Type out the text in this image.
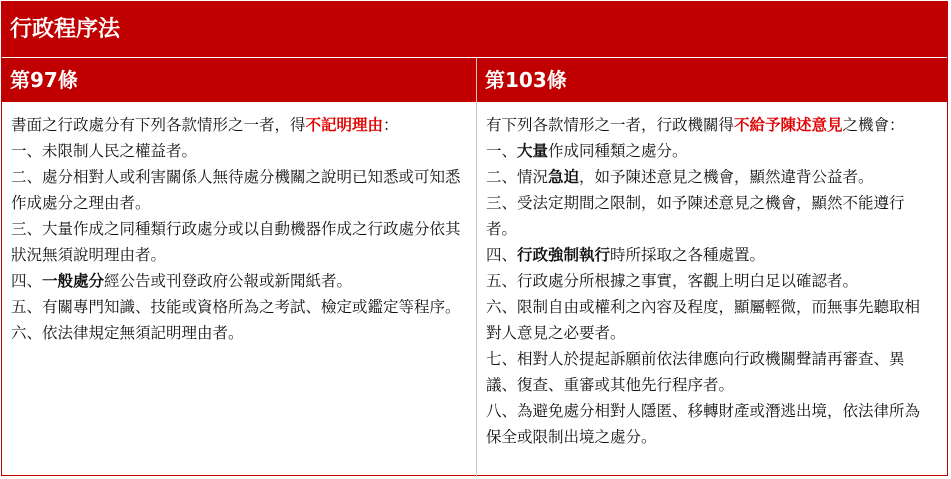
行政程序法
第97條	第103條
書面之行政處分有下列各款情形之一者，得不記明理由：
一、未限制人民之權益者。
二、處分相對人或利害關係人無待處分機關之說明已知悉或可知悉作成處分之理由者。
三、大量作成之同種類行政處分或以自動機器作成之行政處分依其狀況無須說明理由者。
四、一般處分經公告或刊登政府公報或新聞紙者。
五、有關專門知識、技能或資格所為之考試、檢定或鑑定等程序。
六、依法律規定無須記明理由者。
有下列各款情形之一者，行政機關得不給予陳述意見之機會：
一、大量作成同種類之處分。
二、情況急迫，如予陳述意見之機會，顯然違背公益者。
三、受法定期間之限制，如予陳述意見之機會，顯然不能遵行者。
四、行政強制執行時所採取之各種處置。
五、行政處分所根據之事實，客觀上明白足以確認者。
六、限制自由或權利之內容及程度，顯屬輕微，而無事先聽取相對人意見之必要者。
七、相對人於提起訴願前依法律應向行政機關聲請再審查、異議、復查、重審或其他先行程序者。
八、為避免處分相對人隱匿、移轉財產或潛逃出境，依法律所為保全或限制出境之處分。
